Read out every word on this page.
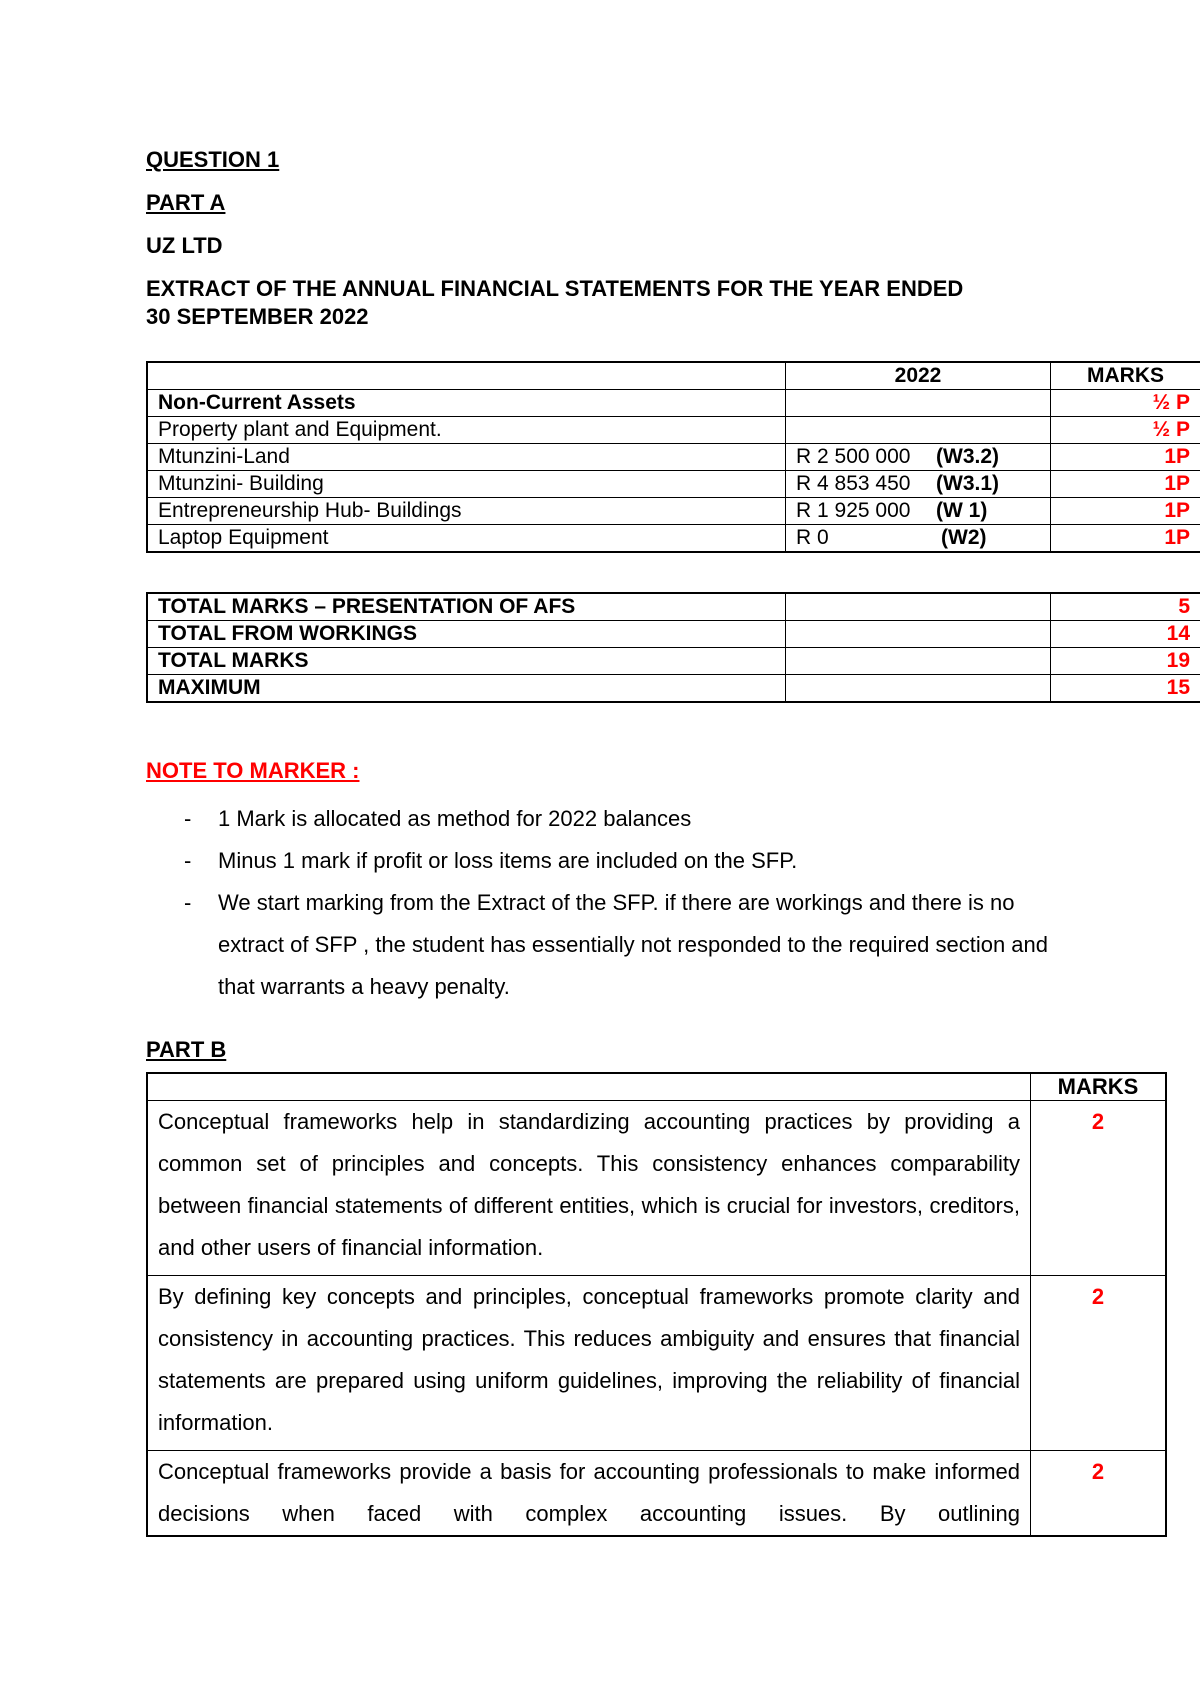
QUESTION 1
PART A
UZ LTD
EXTRACT OF THE ANNUAL FINANCIAL STATEMENTS FOR THE YEAR ENDED
30 SEPTEMBER 2022
	2022	MARKS
Non-Current Assets		½ P
Property plant and Equipment.		½ P
Mtunzini-Land	R 2 500 000 (W3.2)	1P
Mtunzini- Building	R 4 853 450 (W3.1)	1P
Entrepreneurship Hub- Buildings	R 1 925 000 (W 1)	1P
Laptop Equipment	R 0 (W2)	1P
TOTAL MARKS – PRESENTATION OF AFS		5
TOTAL FROM WORKINGS		14
TOTAL MARKS		19
MAXIMUM		15
NOTE TO MARKER :
- 1 Mark is allocated as method for 2022 balances
- Minus 1 mark if profit or loss items are included on the SFP.
- We start marking from the Extract of the SFP. if there are workings and there is no extract of SFP , the student has essentially not responded to the required section and that warrants a heavy penalty.
PART B
	MARKS
Conceptual frameworks help in standardizing accounting practices by providing a common set of principles and concepts. This consistency enhances comparability between financial statements of different entities, which is crucial for investors, creditors, and other users of financial information.	2
By defining key concepts and principles, conceptual frameworks promote clarity and consistency in accounting practices. This reduces ambiguity and ensures that financial statements are prepared using uniform guidelines, improving the reliability of financial information.	2
Conceptual frameworks provide a basis for accounting professionals to make informed decisions when faced with complex accounting issues. By outlining	2
